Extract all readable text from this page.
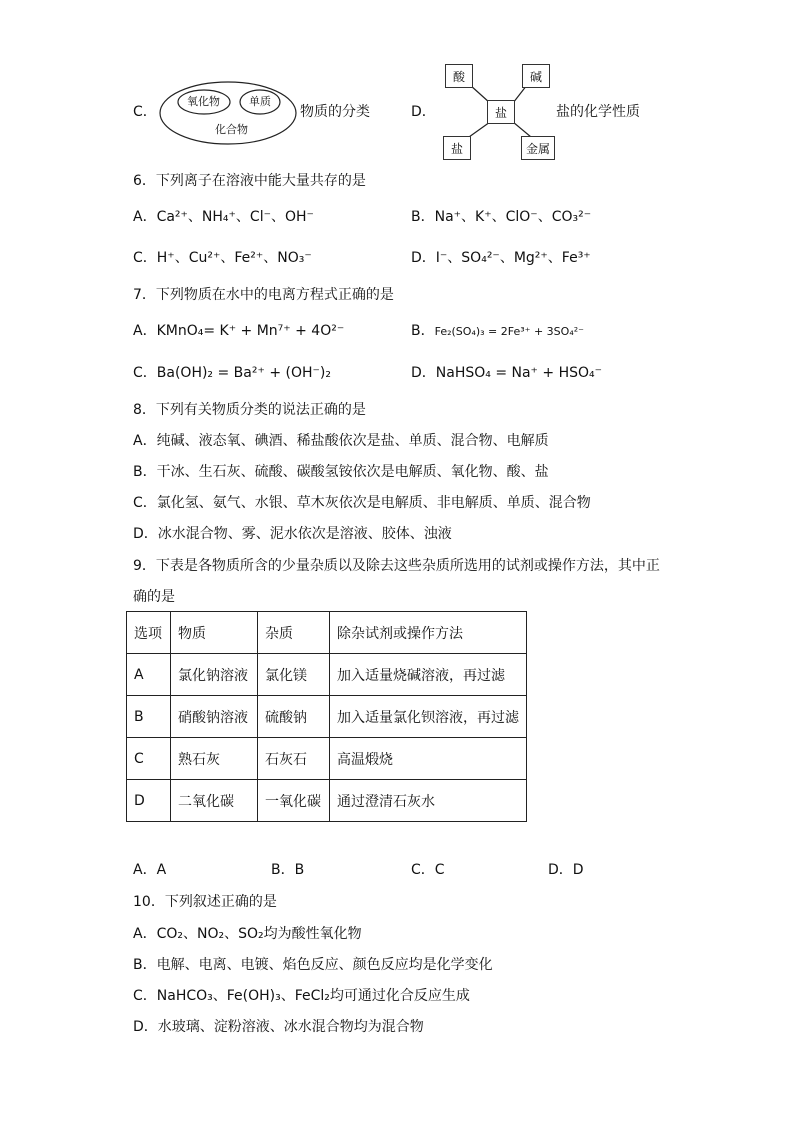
C．
氧化物	单质
化合物
物质的分类	D．
酸	碱
盐
盐	金属
盐的化学性质
6．下列离子在溶液中能大量共存的是
A．Ca²⁺、NH₄⁺、Cl⁻、OH⁻	B．Na⁺、K⁺、ClO⁻、CO₃²⁻
C．H⁺、Cu²⁺、Fe²⁺、NO₃⁻	D．I⁻、SO₄²⁻、Mg²⁺、Fe³⁺
7．下列物质在水中的电离方程式正确的是
A．KMnO₄= K⁺ + Mn⁷⁺ + 4O²⁻	B．Fe₂(SO₄)₃ = 2Fe³⁺ + 3SO₄²⁻
C．Ba(OH)₂ = Ba²⁺ + (OH⁻)₂	D．NaHSO₄ = Na⁺ + HSO₄⁻
8．下列有关物质分类的说法正确的是
A．纯碱、液态氧、碘酒、稀盐酸依次是盐、单质、混合物、电解质
B．干冰、生石灰、硫酸、碳酸氢铵依次是电解质、氧化物、酸、盐
C．氯化氢、氨气、水银、草木灰依次是电解质、非电解质、单质、混合物
D．冰水混合物、雾、泥水依次是溶液、胶体、浊液
9．下表是各物质所含的少量杂质以及除去这些杂质所选用的试剂或操作方法，其中正
确的是
选项	物质	杂质	除杂试剂或操作方法
A	氯化钠溶液	氯化镁	加入适量烧碱溶液，再过滤
B	硝酸钠溶液	硫酸钠	加入适量氯化钡溶液，再过滤
C	熟石灰	石灰石	高温煅烧
D	二氧化碳	一氧化碳	通过澄清石灰水
A．A	B．B	C．C	D．D
10．下列叙述正确的是
A．CO₂、NO₂、SO₂均为酸性氧化物
B．电解、电离、电镀、焰色反应、颜色反应均是化学变化
C．NaHCO₃、Fe(OH)₃、FeCl₂均可通过化合反应生成
D．水玻璃、淀粉溶液、冰水混合物均为混合物
